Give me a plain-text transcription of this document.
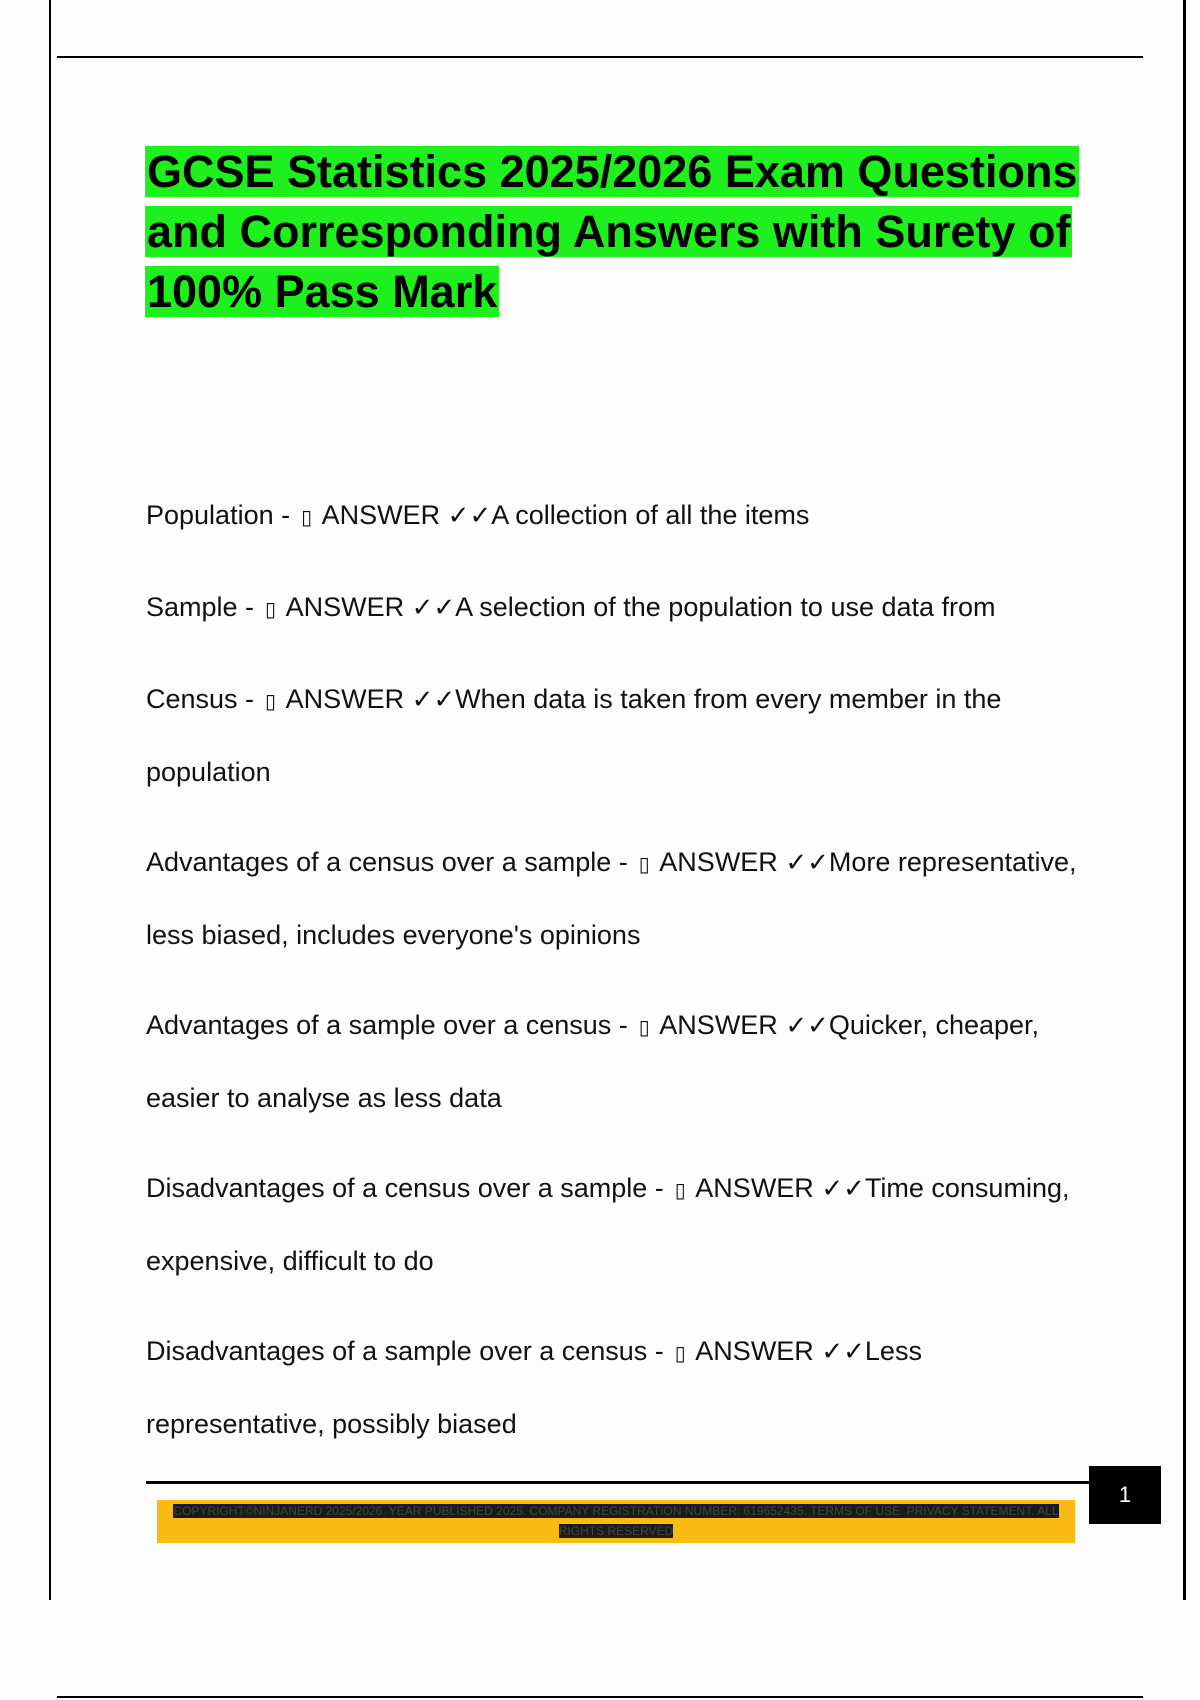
GCSE Statistics 2025/2026 Exam Questions and Corresponding Answers with Surety of 100% Pass Mark
Population - ▯ ANSWER ✓✓A collection of all the items
Sample - ▯ ANSWER ✓✓A selection of the population to use data from
Census - ▯ ANSWER ✓✓When data is taken from every member in the population
Advantages of a census over a sample - ▯ ANSWER ✓✓More representative, less biased, includes everyone's opinions
Advantages of a sample over a census - ▯ ANSWER ✓✓Quicker, cheaper, easier to analyse as less data
Disadvantages of a census over a sample - ▯ ANSWER ✓✓Time consuming, expensive, difficult to do
Disadvantages of a sample over a census - ▯ ANSWER ✓✓Less representative, possibly biased
1
COPYRIGHT©NINJANERD 2025/2026. YEAR PUBLISHED 2025. COMPANY REGISTRATION NUMBER: 619652435. TERMS OF USE. PRIVACY STATEMENT. ALL RIGHTS RESERVED
